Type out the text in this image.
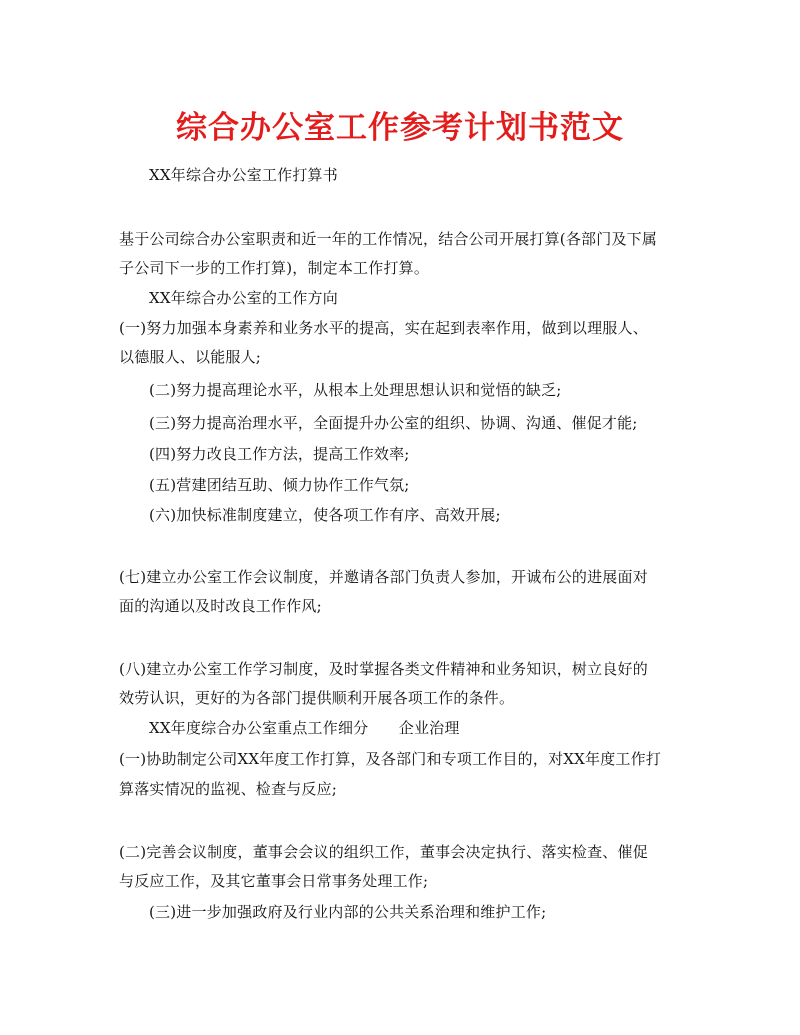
综合办公室工作参考计划书范文
XX年综合办公室工作打算书
基于公司综合办公室职责和近一年的工作情况，结合公司开展打算(各部门及下属
子公司下一步的工作打算)，制定本工作打算。
XX年综合办公室的工作方向
(一)努力加强本身素养和业务水平的提高，实在起到表率作用，做到以理服人、
以德服人、以能服人;
(二)努力提高理论水平，从根本上处理思想认识和觉悟的缺乏;
(三)努力提高治理水平，全面提升办公室的组织、协调、沟通、催促才能;
(四)努力改良工作方法，提高工作效率;
(五)营建团结互助、倾力协作工作气氛;
(六)加快标准制度建立，使各项工作有序、高效开展;
(七)建立办公室工作会议制度，并邀请各部门负责人参加，开诚布公的进展面对
面的沟通以及时改良工作作风;
(八)建立办公室工作学习制度，及时掌握各类文件精神和业务知识，树立良好的
效劳认识，更好的为各部门提供顺利开展各项工作的条件。
XX年度综合办公室重点工作细分　　企业治理
(一)协助制定公司XX年度工作打算，及各部门和专项工作目的，对XX年度工作打
算落实情况的监视、检查与反应;
(二)完善会议制度，董事会会议的组织工作，董事会决定执行、落实检查、催促
与反应工作，及其它董事会日常事务处理工作;
(三)进一步加强政府及行业内部的公共关系治理和维护工作;
